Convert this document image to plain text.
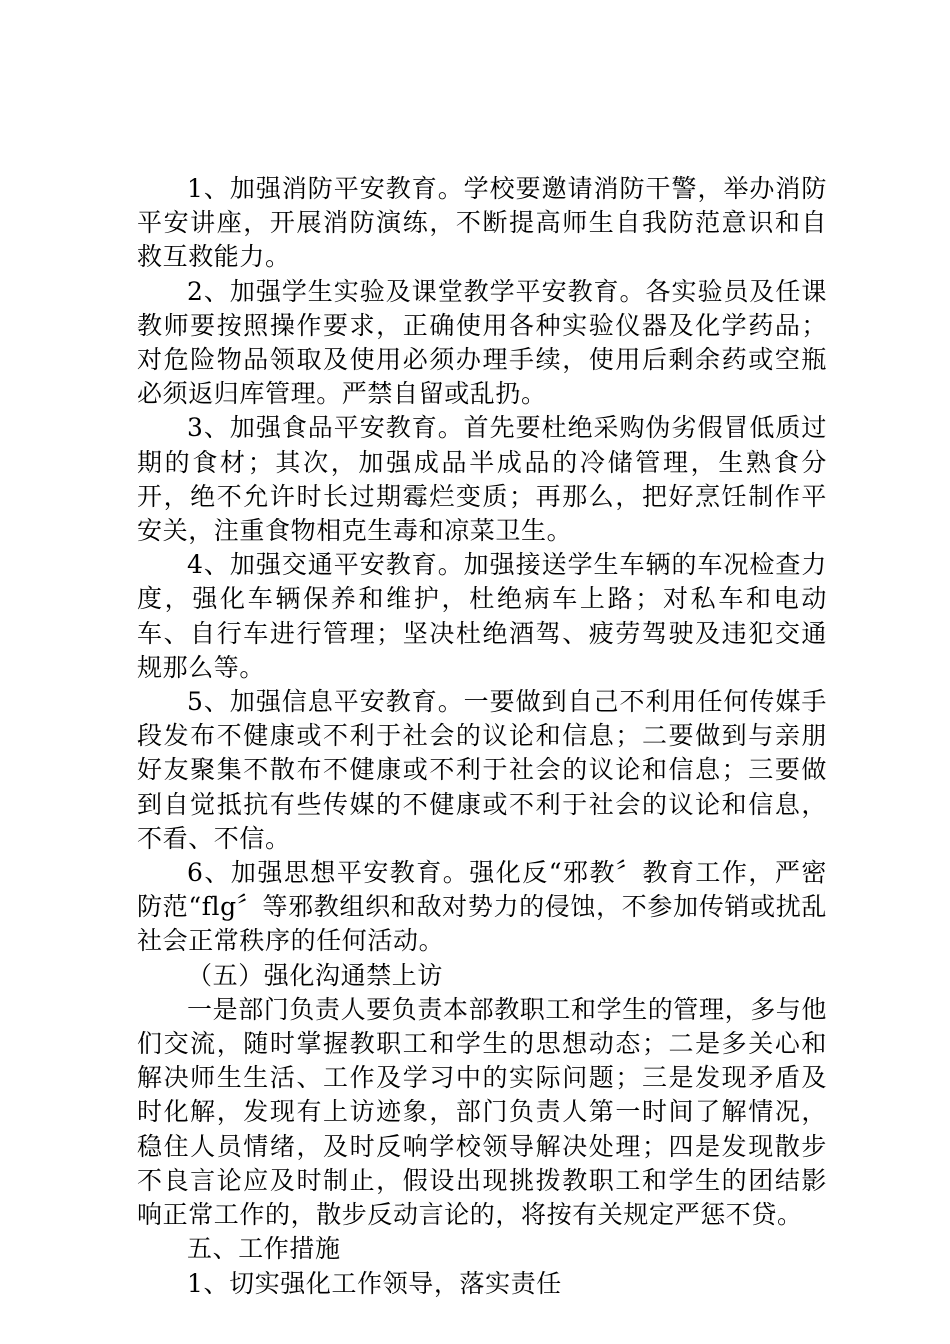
1、加强消防平安教育。学校要邀请消防干警，举办消防平安讲座，开展消防演练，不断提高师生自我防范意识和自救互救能力。

2、加强学生实验及课堂教学平安教育。各实验员及任课教师要按照操作要求，正确使用各种实验仪器及化学药品；对危险物品领取及使用必须办理手续，使用后剩余药或空瓶必须返归库管理。严禁自留或乱扔。

3、加强食品平安教育。首先要杜绝采购伪劣假冒低质过期的食材；其次，加强成品半成品的冷储管理，生熟食分开，绝不允许时长过期霉烂变质；再那么，把好烹饪制作平安关，注重食物相克生毒和凉菜卫生。

4、加强交通平安教育。加强接送学生车辆的车况检查力度，强化车辆保养和维护，杜绝病车上路；对私车和电动车、自行车进行管理；坚决杜绝酒驾、疲劳驾驶及违犯交通规那么等。

5、加强信息平安教育。一要做到自己不利用任何传媒手段发布不健康或不利于社会的议论和信息；二要做到与亲朋好友聚集不散布不健康或不利于社会的议论和信息；三要做到自觉抵抗有些传媒的不健康或不利于社会的议论和信息，不看、不信。

6、加强思想平安教育。强化反“邪教〞教育工作，严密防范“flg〞等邪教组织和敌对势力的侵蚀，不参加传销或扰乱社会正常秩序的任何活动。

（五）强化沟通禁上访

一是部门负责人要负责本部教职工和学生的管理，多与他们交流，随时掌握教职工和学生的思想动态；二是多关心和解决师生生活、工作及学习中的实际问题；三是发现矛盾及时化解，发现有上访迹象，部门负责人第一时间了解情况，稳住人员情绪，及时反响学校领导解决处理；四是发现散步不良言论应及时制止，假设出现挑拨教职工和学生的团结影响正常工作的，散步反动言论的，将按有关规定严惩不贷。

五、工作措施

1、切实强化工作领导，落实责任
